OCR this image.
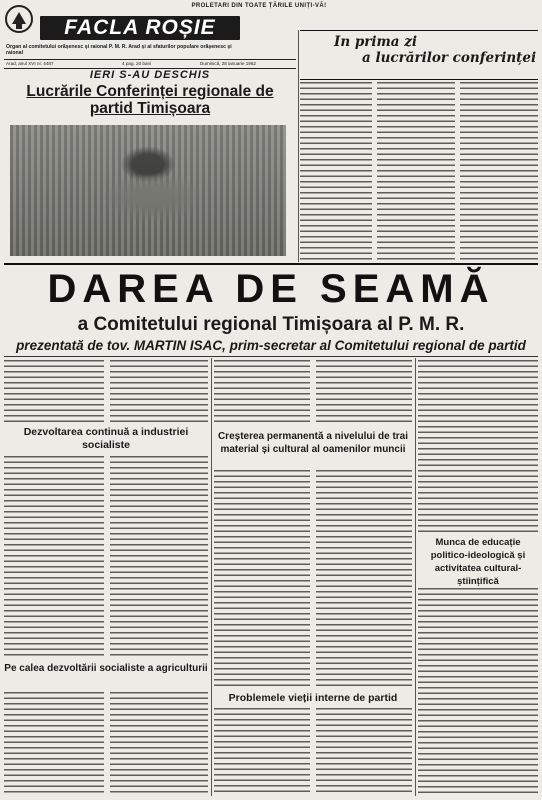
PROLETARI DIN TOATE ȚĂRILE UNIȚI-VĂ!
FACLA ROȘIE
Organ al comitetului orășenesc și raional P. M. R. Arad și al sfaturilor populare orășenesc și raional
Arad, anul XVI nr. 4487	4 pag. 20 bani	Duminică, 28 ianuarie 1962
IERI S-AU DESCHIS
Lucrările Conferinței regionale de partid Timișoara
In prima zi
a lucrărilor conferinței
DAREA DE SEAMĂ
a Comitetului regional Timișoara al P. M. R.
prezentată de tov. MARTIN ISAC, prim-secretar al Comitetului regional de partid
Dezvoltarea continuă a industriei socialiste
Creșterea permanentă a nivelului de trai material și cultural al oamenilor muncii
Pe calea dezvoltării socialiste a agriculturii
Problemele vieții interne de partid
Munca de educație politico-ideologică și activitatea cultural-științifică
